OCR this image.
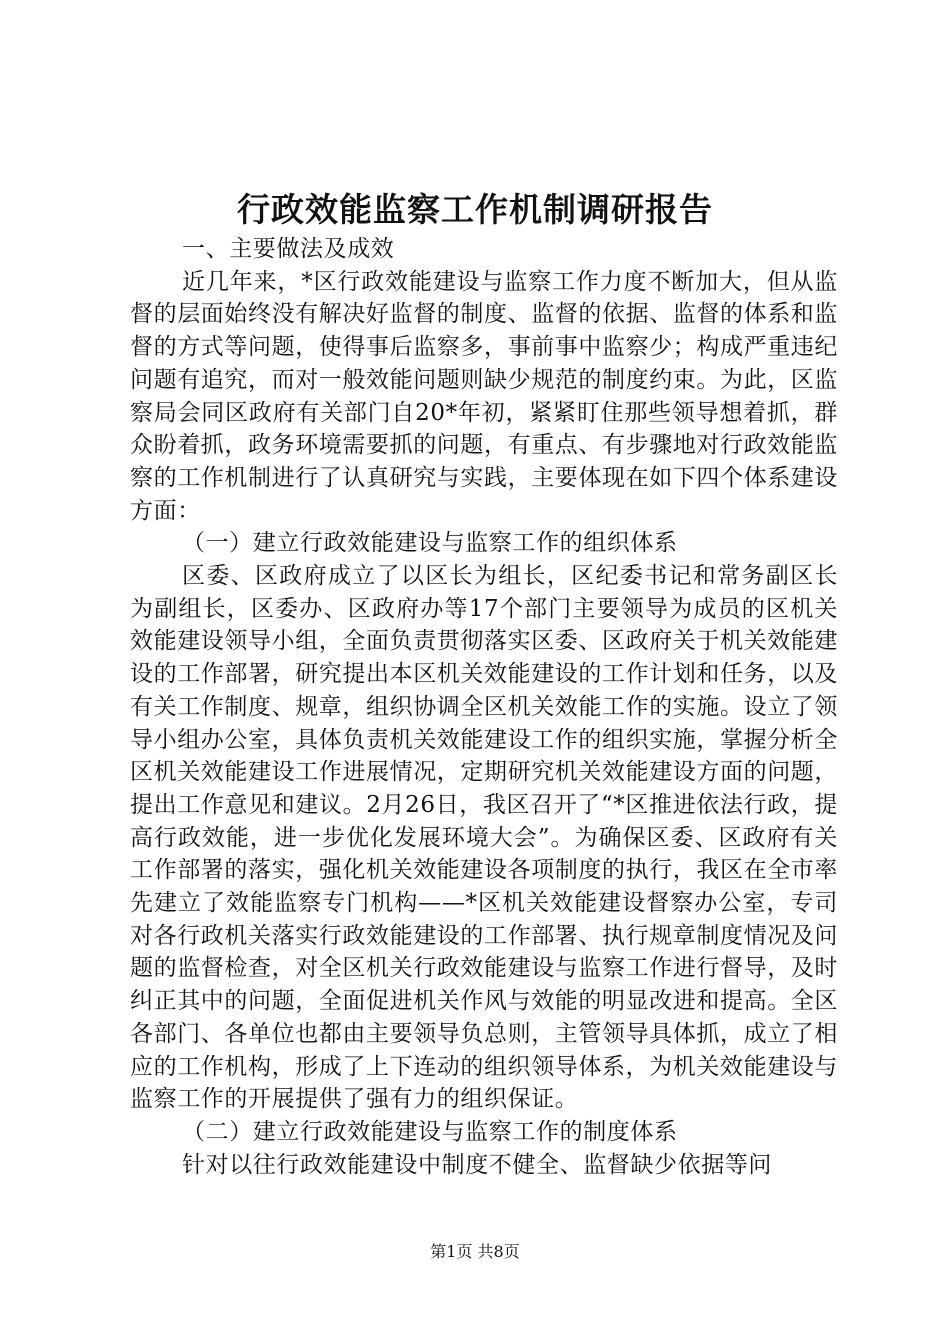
行政效能监察工作机制调研报告

一、主要做法及成效

近几年来，*区行政效能建设与监察工作力度不断加大，但从监督的层面始终没有解决好监督的制度、监督的依据、监督的体系和监督的方式等问题，使得事后监察多，事前事中监察少；构成严重违纪问题有追究，而对一般效能问题则缺少规范的制度约束。为此，区监察局会同区政府有关部门自20*年初，紧紧盯住那些领导想着抓，群众盼着抓，政务环境需要抓的问题，有重点、有步骤地对行政效能监察的工作机制进行了认真研究与实践，主要体现在如下四个体系建设方面：

（一）建立行政效能建设与监察工作的组织体系

区委、区政府成立了以区长为组长，区纪委书记和常务副区长为副组长，区委办、区政府办等17个部门主要领导为成员的区机关效能建设领导小组，全面负责贯彻落实区委、区政府关于机关效能建设的工作部署，研究提出本区机关效能建设的工作计划和任务，以及有关工作制度、规章，组织协调全区机关效能工作的实施。设立了领导小组办公室，具体负责机关效能建设工作的组织实施，掌握分析全区机关效能建设工作进展情况，定期研究机关效能建设方面的问题，提出工作意见和建议。2月26日，我区召开了“*区推进依法行政，提高行政效能，进一步优化发展环境大会”。为确保区委、区政府有关工作部署的落实，强化机关效能建设各项制度的执行，我区在全市率先建立了效能监察专门机构——*区机关效能建设督察办公室，专司对各行政机关落实行政效能建设的工作部署、执行规章制度情况及问题的监督检查，对全区机关行政效能建设与监察工作进行督导，及时纠正其中的问题，全面促进机关作风与效能的明显改进和提高。全区各部门、各单位也都由主要领导负总则，主管领导具体抓，成立了相应的工作机构，形成了上下连动的组织领导体系，为机关效能建设与监察工作的开展提供了强有力的组织保证。

（二）建立行政效能建设与监察工作的制度体系

针对以往行政效能建设中制度不健全、监督缺少依据等问

第1页 共8页
